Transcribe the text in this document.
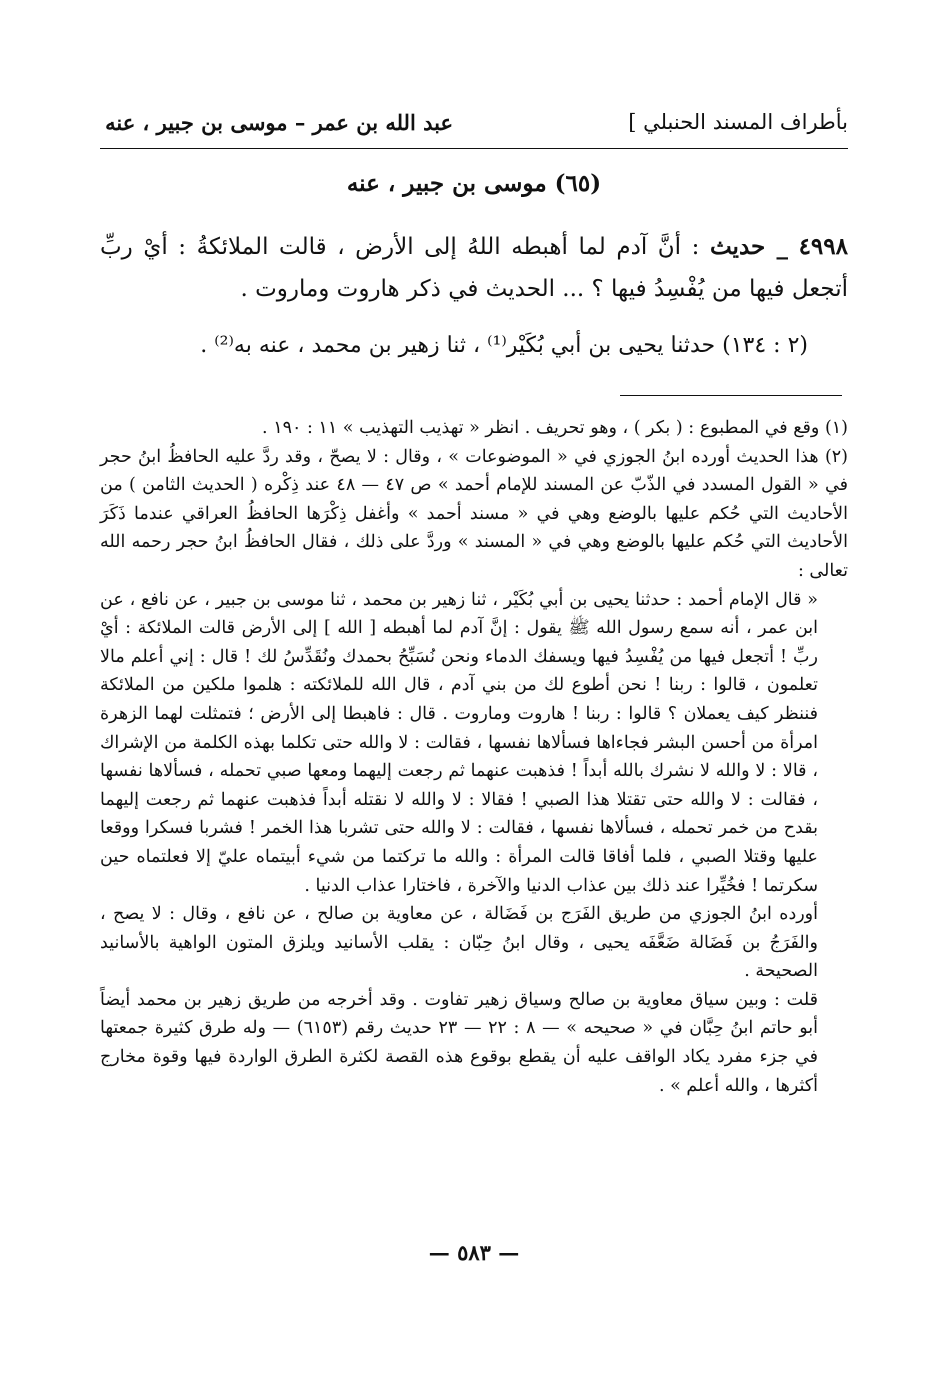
بأطراف المسند الحنبلي ]
عبد الله بن عمر – موسى بن جبير ، عنه
(٦٥) موسى بن جبير ، عنه
٤٩٩٨ _ حديث : أنَّ آدم لما أهبطه اللهُ إلى الأرض ، قالت الملائكةُ : أيْ ربِّ أتجعل فيها من يُفْسِدُ فيها ؟ ... الحديث في ذكر هاروت وماروت .
(٢ : ١٣٤) حدثنا يحيى بن أبي بُكَيْر⁽¹⁾ ، ثنا زهير بن محمد ، عنه به⁽²⁾ .

(١) وقع في المطبوع : ( بكر ) ، وهو تحريف . انظر « تهذيب التهذيب » ١١ : ١٩٠ .

(٢) هذا الحديث أورده ابنُ الجوزي في « الموضوعات » ، وقال : لا يصحّ ، وقد ردَّ عليه الحافظُ ابنُ حجر في « القول المسدد في الذّبّ عن المسند للإمام أحمد » ص ٤٧ — ٤٨ عند ذِكْره ( الحديث الثامن ) من الأحاديث التي حُكم عليها بالوضع وهي في « مسند أحمد » وأغفل ذِكْرَها الحافظُ العراقي عندما ذَكَرَ الأحاديث التي حُكم عليها بالوضع وهي في « المسند » وردَّ على ذلك ، فقال الحافظُ ابنُ حجر رحمه الله تعالى :

« قال الإمام أحمد : حدثنا يحيى بن أبي بُكَيْر ، ثنا زهير بن محمد ، ثنا موسى بن جبير ، عن نافع ، عن ابن عمر ، أنه سمع رسول الله ﷺ يقول : إنَّ آدم لما أهبطه [ الله ] إلى الأرض قالت الملائكة : أيْ ربِّ ! أتجعل فيها من يُفْسِدُ فيها ويسفك الدماء ونحن نُسَبِّحُ بحمدك ونُقَدِّسُ لك ! قال : إني أعلم مالا تعلمون ، قالوا : ربنا ! نحن أطوع لك من بني آدم ، قال الله للملائكته : هلموا ملكين من الملائكة فننظر كيف يعملان ؟ قالوا : ربنا ! هاروت وماروت . قال : فاهبطا إلى الأرض ؛ فتمثلت لهما الزهرة امرأة من أحسن البشر فجاءاها فسألاها نفسها ، فقالت : لا والله حتى تكلما بهذه الكلمة من الإشراك ، قالا : لا والله لا نشرك بالله أبداً ! فذهبت عنهما ثم رجعت إليهما ومعها صبي تحمله ، فسألاها نفسها ، فقالت : لا والله حتى تقتلا هذا الصبي ! فقالا : لا والله لا نقتله أبداً فذهبت عنهما ثم رجعت إليهما بقدح من خمر تحمله ، فسألاها نفسها ، فقالت : لا والله حتى تشربا هذا الخمر ! فشربا فسكرا ووقعا عليها وقتلا الصبي ، فلما أفاقا قالت المرأة : والله ما تركتما من شيء أبيتماه عليّ إلا فعلتماه حين سكرتما ! فخُيِّرا عند ذلك بين عذاب الدنيا والآخرة ، فاختارا عذاب الدنيا .

أورده ابنُ الجوزي من طريق الفَرَج بن فَضَالة ، عن معاوية بن صالح ، عن نافع ، وقال : لا يصح ، والفَرَجُ بن فَضَالة ضَعَّفَه يحيى ، وقال ابنُ حِبّان : يقلب الأسانيد ويلزق المتون الواهية بالأسانيد الصحيحة .

قلت : وبين سياق معاوية بن صالح وسياق زهير تفاوت . وقد أخرجه من طريق زهير بن محمد أيضاً أبو حاتم ابنُ حِبَّان في « صحيحه » — ٨ : ٢٢ — ٢٣ حديث رقم (٦١٥٣) — وله طرق كثيرة جمعتها في جزء مفرد يكاد الواقف عليه أن يقطع بوقوع هذه القصة لكثرة الطرق الواردة فيها وقوة مخارج أكثرها ، والله أعلم » .

— ٥٨٣ —
